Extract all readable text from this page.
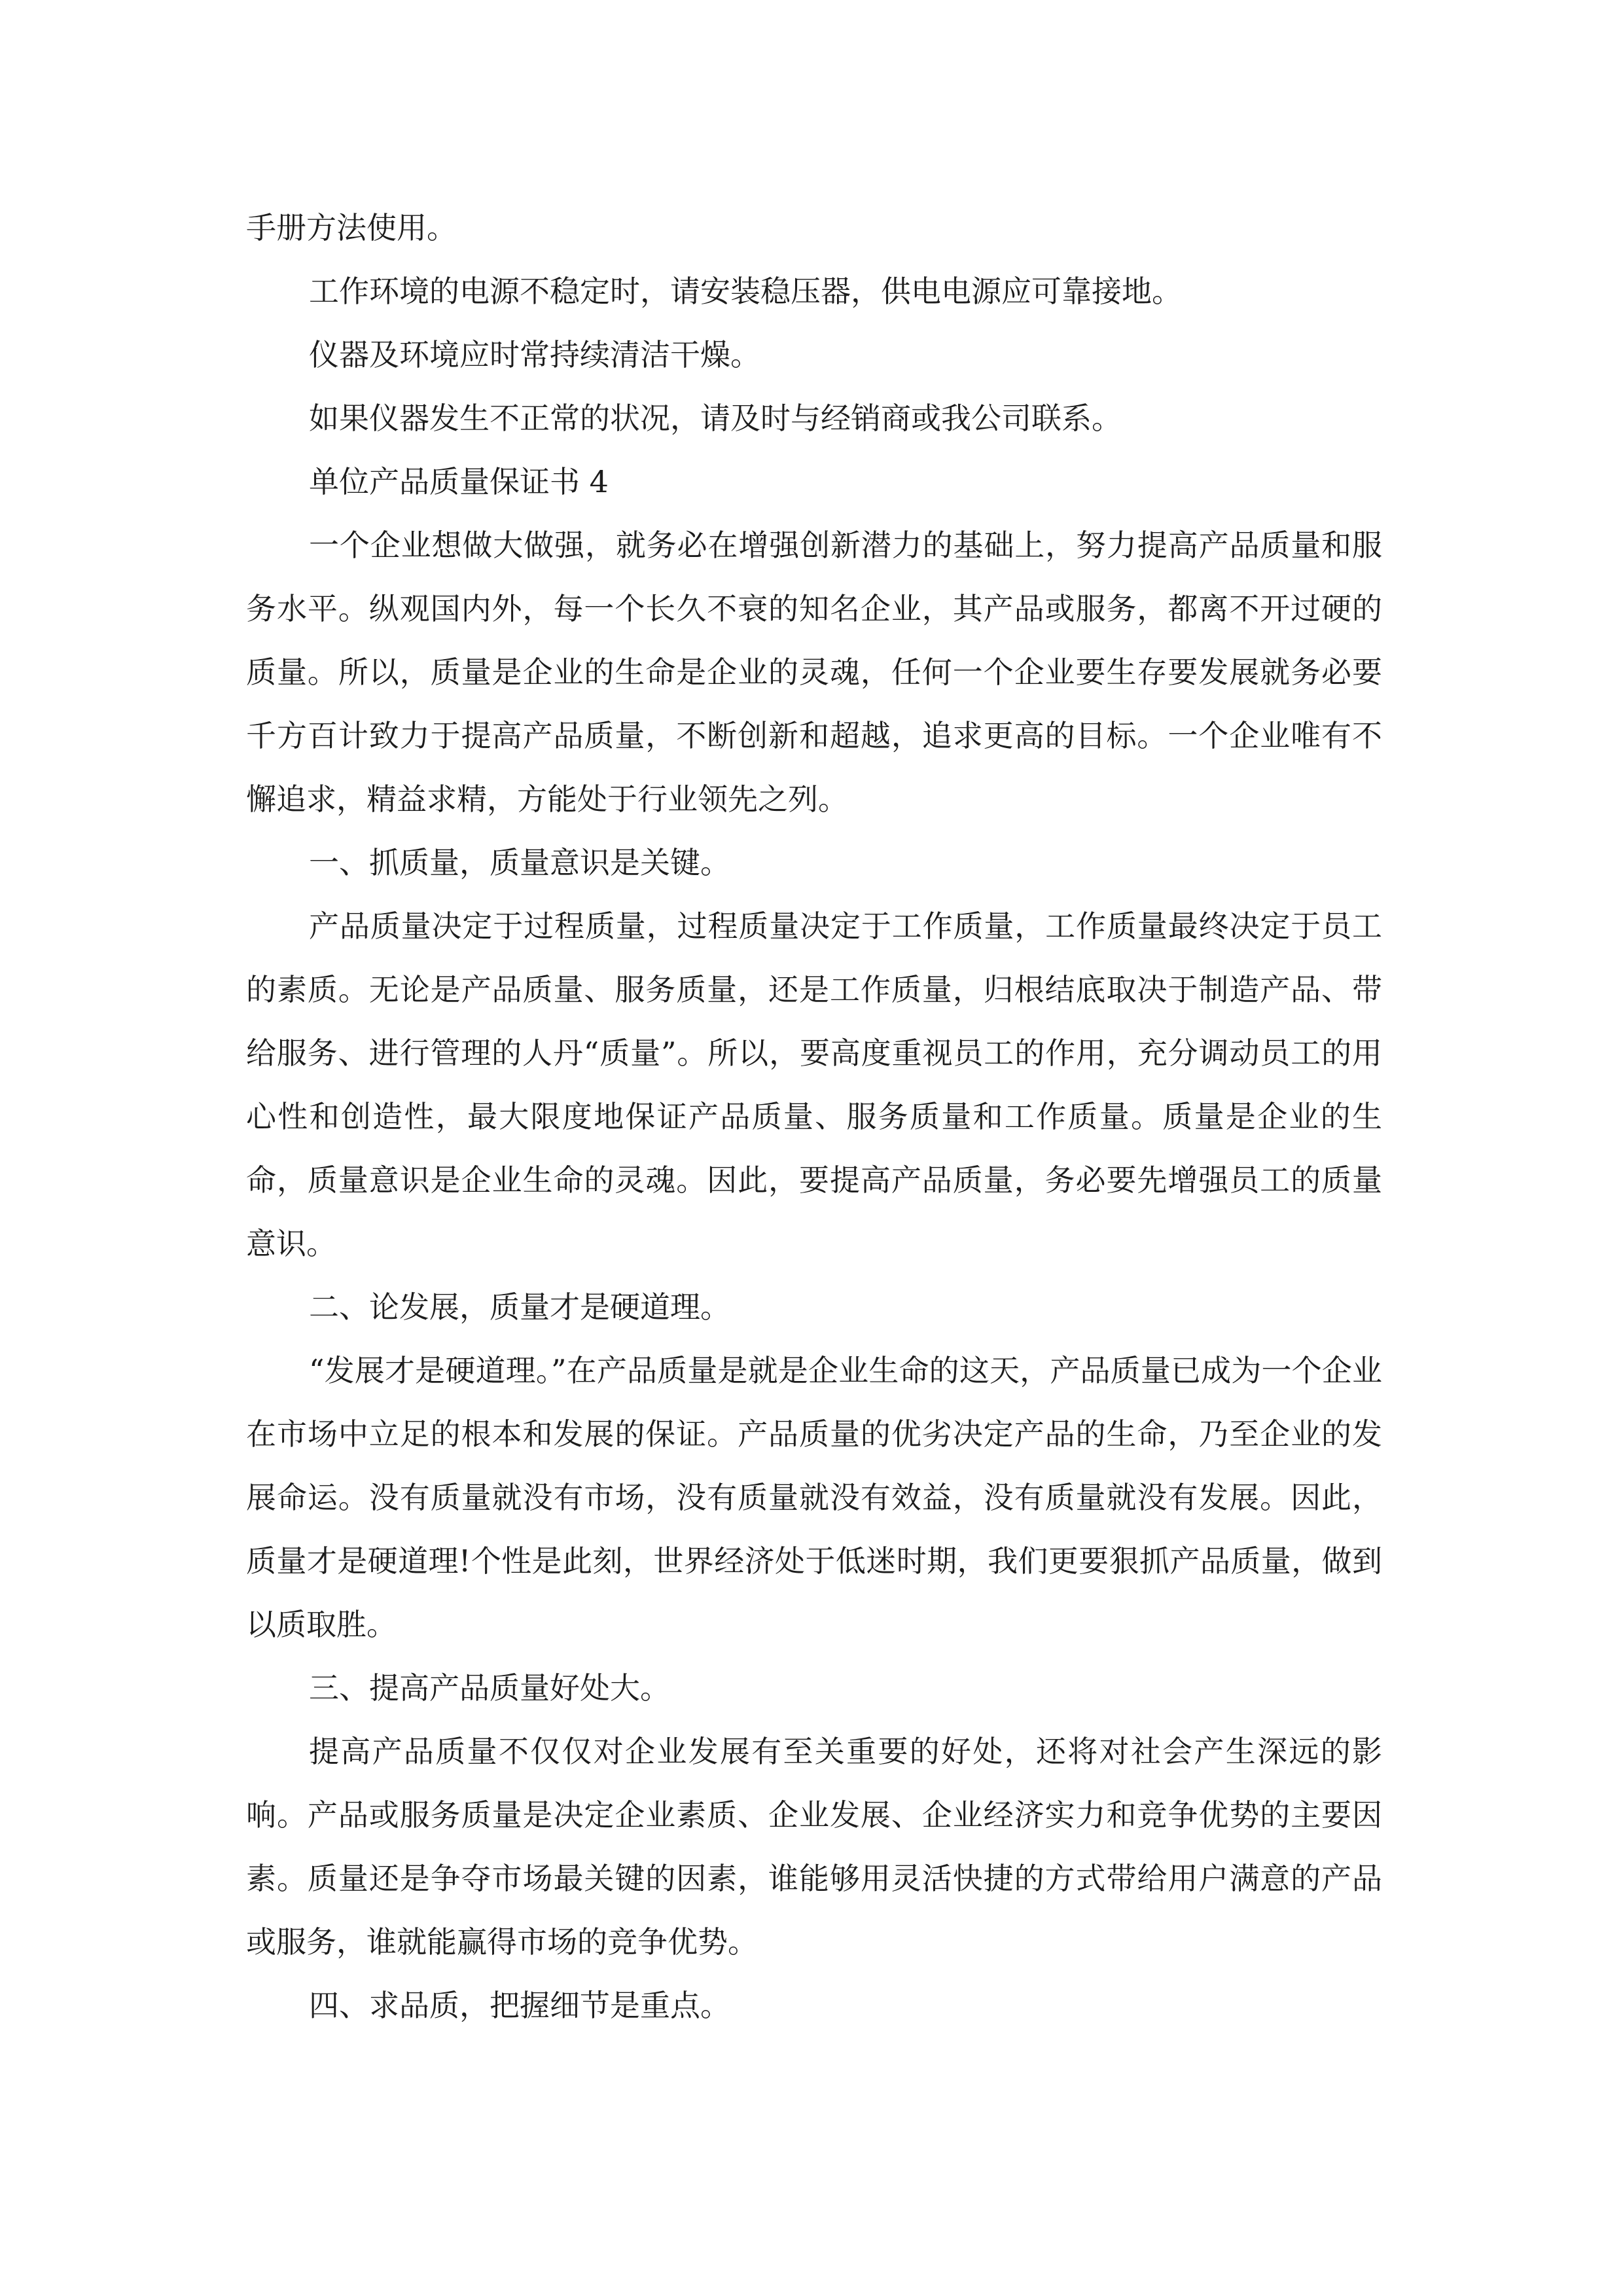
手册方法使用。

工作环境的电源不稳定时，请安装稳压器，供电电源应可靠接地。

仪器及环境应时常持续清洁干燥。

如果仪器发生不正常的状况，请及时与经销商或我公司联系。

单位产品质量保证书 4

一个企业想做大做强，就务必在增强创新潜力的基础上，努力提高产品质量和服务水平。纵观国内外，每一个长久不衰的知名企业，其产品或服务，都离不开过硬的质量。所以，质量是企业的生命是企业的灵魂，任何一个企业要生存要发展就务必要千方百计致力于提高产品质量，不断创新和超越，追求更高的目标。一个企业唯有不懈追求，精益求精，方能处于行业领先之列。

一、抓质量，质量意识是关键。

产品质量决定于过程质量，过程质量决定于工作质量，工作质量最终决定于员工的素质。无论是产品质量、服务质量，还是工作质量，归根结底取决于制造产品、带给服务、进行管理的人丹“质量”。所以，要高度重视员工的作用，充分调动员工的用心性和创造性，最大限度地保证产品质量、服务质量和工作质量。质量是企业的生命，质量意识是企业生命的灵魂。因此，要提高产品质量，务必要先增强员工的质量意识。

二、论发展，质量才是硬道理。

“发展才是硬道理。”在产品质量是就是企业生命的这天，产品质量已成为一个企业在市场中立足的根本和发展的保证。产品质量的优劣决定产品的生命，乃至企业的发展命运。没有质量就没有市场，没有质量就没有效益，没有质量就没有发展。因此，质量才是硬道理!个性是此刻，世界经济处于低迷时期，我们更要狠抓产品质量，做到以质取胜。

三、提高产品质量好处大。

提高产品质量不仅仅对企业发展有至关重要的好处，还将对社会产生深远的影响。产品或服务质量是决定企业素质、企业发展、企业经济实力和竞争优势的主要因素。质量还是争夺市场最关键的因素，谁能够用灵活快捷的方式带给用户满意的产品或服务，谁就能赢得市场的竞争优势。

四、求品质，把握细节是重点。
